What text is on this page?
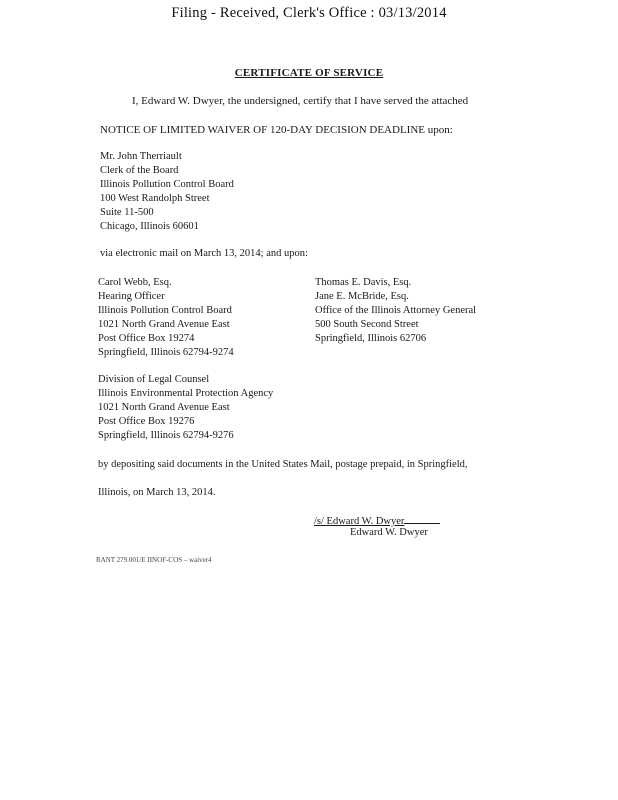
Filing - Received, Clerk's Office : 03/13/2014
CERTIFICATE OF SERVICE
I, Edward W. Dwyer, the undersigned, certify that I have served the attached
NOTICE OF LIMITED WAIVER OF 120-DAY DECISION DEADLINE upon:
Mr. John Therriault
Clerk of the Board
Illinois Pollution Control Board
100 West Randolph Street
Suite 11-500
Chicago, Illinois 60601
via electronic mail on March 13, 2014; and upon:
Carol Webb, Esq.
Hearing Officer
Illinois Pollution Control Board
1021 North Grand Avenue East
Post Office Box 19274
Springfield, Illinois 62794-9274
Thomas E. Davis, Esq.
Jane E. McBride, Esq.
Office of the Illinois Attorney General
500 South Second Street
Springfield, Illinois 62706
Division of Legal Counsel
Illinois Environmental Protection Agency
1021 North Grand Avenue East
Post Office Box 19276
Springfield, Illinois 62794-9276
by depositing said documents in the United States Mail, postage prepaid, in Springfield,
Illinois, on March 13, 2014.
/s/ Edward W. Dwyer
Edward W. Dwyer
RANT 279.001/E IINOF-COS – waiver4
